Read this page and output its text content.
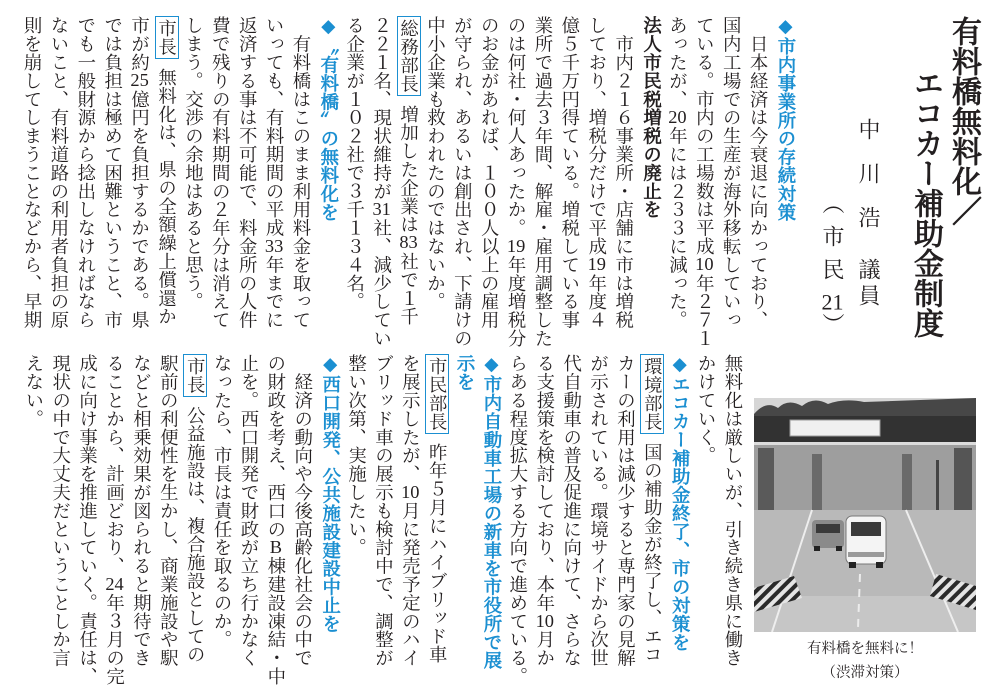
有料橋無料化／
エコカー補助金制度
中川浩議員
（市民21）
◆市内事業所の存続対策
　日本経済は今衰退に向かっており、
国内工場での生産が海外移転していっ
ている。市内の工場数は平成10年２７１
あったが、20年には２３３に減った。
法人市民税増税の廃止を
　市内２１６事業所・店舗に市は増税
しており、増税分だけで平成19年度４
億５千万円得ている。増税している事
業所で過去３年間、解雇・雇用調整した
のは何社・何人あったか。19年度増税分
のお金があれば、１００人以上の雇用
が守られ、あるいは創出され、下請けの
中小企業も救われたのではないか。
総務部長増加した企業は83社で１千
２２１名、現状維持が31社、減少してい
る企業が１０２社で３千１３４名。
◆〝有料橋〟の無料化を
　有料橋はこのまま利用料金を取って
いっても、有料期間の平成33年までに
返済する事は不可能で、料金所の人件
費で残りの有料期間の２年分は消えて
しまう。交渉の余地はあると思う。
市長無料化は、県の全額繰上償還か
市が約25億円を負担するかである。県
では負担は極めて困難ということ、市
でも一般財源から捻出しなければなら
ないこと、有料道路の利用者負担の原
則を崩してしまうことなどから、早期
無料化は厳しいが、引き続き県に働き
かけていく。
◆エコカー補助金終了、市の対策を
環境部長国の補助金が終了し、エコ
カーの利用は減少すると専門家の見解
が示されている。環境サイドから次世
代自動車の普及促進に向けて、さらな
る支援策を検討しており、本年10月か
らある程度拡大する方向で進めている。
◆市内自動車工場の新車を市役所で展
示を
市民部長昨年５月にハイブリッド車
を展示したが、10月に発売予定のハイ
ブリッド車の展示も検討中で、調整が
整い次第、実施したい。
◆西口開発、公共施設建設中止を
　経済の動向や今後高齢化社会の中で
の財政を考え、西口のB棟建設凍結・中
止を。西口開発で財政が立ち行かなく
なったら、市長は責任を取るのか。
市長公益施設は、複合施設としての
駅前の利便性を生かし、商業施設や駅
などと相乗効果が図られると期待でき
ることから、計画どおり、24年３月の完
成に向け事業を推進していく。責任は、
現状の中で大丈夫だということしか言
えない。
有料橋を無料に！
（渋滞対策）
